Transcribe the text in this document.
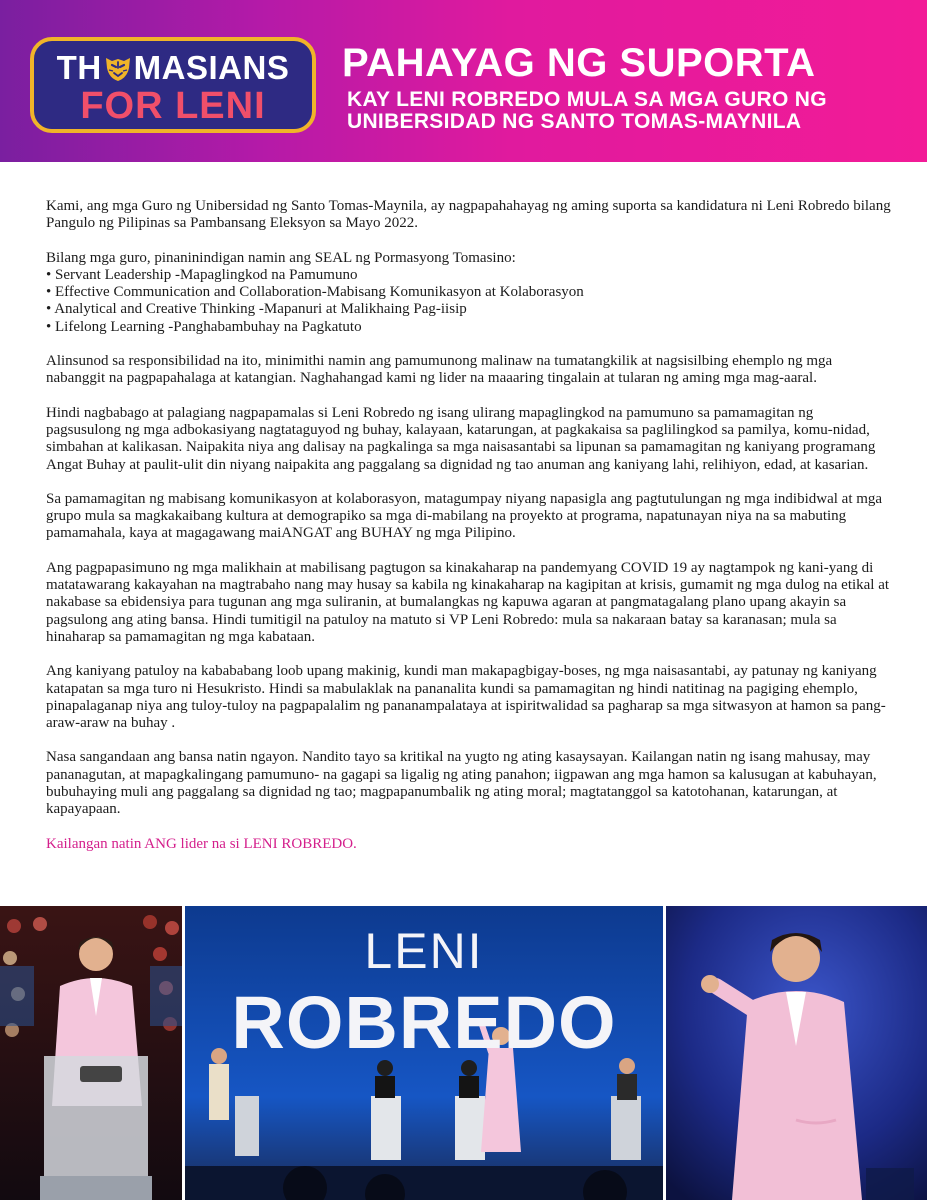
TH MASIANS
FOR LENI
PAHAYAG NG SUPORTA
KAY LENI ROBREDO MULA SA MGA GURO NG
UNIBERSIDAD NG SANTO TOMAS-MAYNILA

Kami, ang mga Guro ng Unibersidad ng Santo Tomas-Maynila, ay nagpapahahayag ng aming suporta sa kandidatura ni Leni Robredo bilang Pangulo ng Pilipinas sa Pambansang Eleksyon sa Mayo 2022.

Bilang mga guro, pinaninindigan namin ang SEAL ng Pormasyong Tomasino:
• Servant Leadership -Mapaglingkod na Pamumuno
• Effective Communication and Collaboration-Mabisang Komunikasyon at Kolaborasyon
• Analytical and Creative Thinking -Mapanuri at Malikhaing Pag-iisip
• Lifelong Learning -Panghabambuhay na Pagkatuto

Alinsunod sa responsibilidad na ito, minimithi namin ang pamumunong malinaw na tumatangkilik at nagsisilbing ehemplo ng mga nabanggit na pagpapahalaga at katangian. Naghahangad kami ng lider na maaaring tingalain at tularan ng aming mga mag-aaral.

Hindi nagbabago at palagiang nagpapamalas si Leni Robredo ng isang ulirang mapaglingkod na pamumuno sa pamamagitan ng pagsusulong ng mga adbokasiyang nagtataguyod ng buhay, kalayaan, katarungan, at pagkakaisa sa paglilingkod sa pamilya, komu-nidad, simbahan at kalikasan. Naipakita niya ang dalisay na pagkalinga sa mga naisasantabi sa lipunan sa pamamagitan ng kaniyang programang Angat Buhay at paulit-ulit din niyang naipakita ang paggalang sa dignidad ng tao anuman ang kaniyang lahi, relihiyon, edad, at kasarian.

Sa pamamagitan ng mabisang komunikasyon at kolaborasyon, matagumpay niyang napasigla ang pagtutulungan ng mga indibidwal at mga grupo mula sa magkakaibang kultura at demograpiko sa mga di-mabilang na proyekto at programa, napatunayan niya na sa mabuting pamamahala, kaya at magagawang maiANGAT ang BUHAY ng mga Pilipino.

Ang pagpapasimuno ng mga malikhain at mabilisang pagtugon sa kinakaharap na pandemyang COVID 19 ay nagtampok ng kani-yang di matatawarang kakayahan na magtrabaho nang may husay sa kabila ng kinakaharap na kagipitan at krisis, gumamit ng mga dulog na etikal at nakabase sa ebidensiya para tugunan ang mga suliranin, at bumalangkas ng kapuwa agaran at pangmatagalang plano upang akayin sa pagsulong ang ating bansa. Hindi tumitigil na patuloy na matuto si VP Leni Robredo: mula sa nakaraan batay sa karanasan; mula sa hinaharap sa pamamagitan ng mga kabataan.

Ang kaniyang patuloy na kabababang loob upang makinig, kundi man makapagbigay-boses, ng mga naisasantabi, ay patunay ng kaniyang katapatan sa mga turo ni Hesukristo. Hindi sa mabulaklak na pananalita kundi sa pamamagitan ng hindi natitinag na pagiging ehemplo, pinapalaganap niya ang tuloy-tuloy na pagpapalalim ng pananampalataya at ispiritwalidad sa pagharap sa mga sitwasyon at hamon sa pang-araw-araw na buhay .

Nasa sangandaan ang bansa natin ngayon. Nandito tayo sa kritikal na yugto ng ating kasaysayan. Kailangan natin ng isang mahusay, may pananagutan, at mapagkalingang pamumuno- na gagapi sa ligalig ng ating panahon; iigpawan ang mga hamon sa kalusugan at kabuhayan, bubuhaying muli ang paggalang sa dignidad ng tao; magpapanumbalik ng ating moral; magtatanggol sa katotohanan, katarungan, at kapayapaan.

Kailangan natin ANG lider na si LENI ROBREDO.

LENI
ROBREDO
